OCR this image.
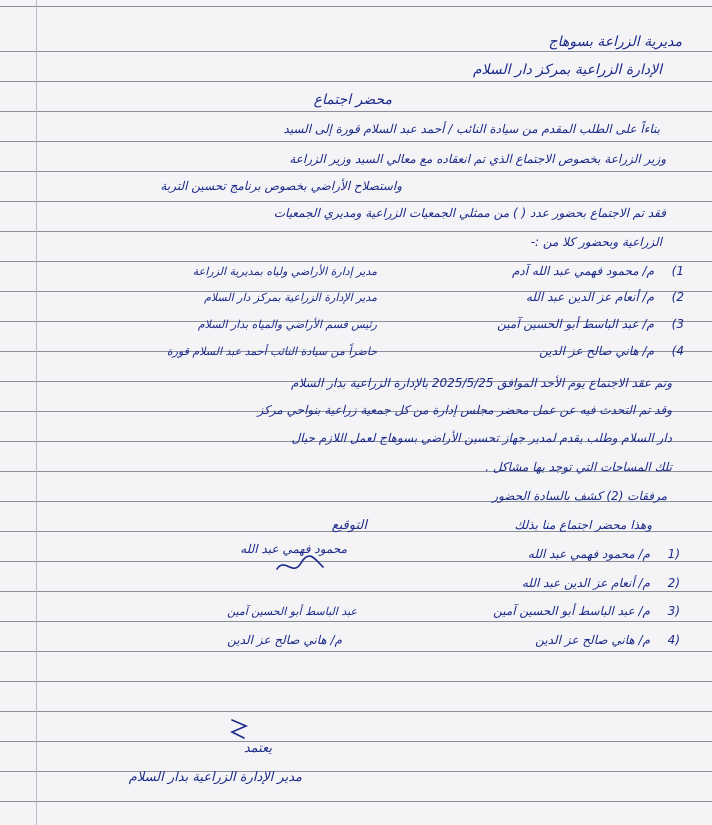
مديرية الزراعة بسوهاج
الإدارة الزراعية بمركز دار السلام
محضر اجتماع
بناءاً على الطلب المقدم من سيادة النائب / أحمد عبد السلام قورة إلى السيد
وزير الزراعة بخصوص الاجتماع الذي تم انعقاده مع معالي السيد وزير الزراعة
واستصلاح الأراضي بخصوص برنامج تحسين التربة
فقد تم الاجتماع بحضور عدد ( ) من ممثلي الجمعيات الزراعية ومديري الجمعيات
الزراعية وبحضور كلا من :-
1)
م/ محمود فهمي عبد الله آدم
مدير إدارة الأراضي ولياه بمديرية الزراعة
2)
م/ أنعام عز الدين عبد الله
مدير الإدارة الزراعية بمركز دار السلام
3)
م/ عبد الباسط أبو الحسين آمين
رئيس قسم الأراضي والمياه بدار السلام
4)
م/ هاني صالح عز الدين
حاضراً من سيادة النائب أحمد عبد السلام قورة
وتم عقد الاجتماع يوم الأحد الموافق 2025/5/25 بالإدارة الزراعية بدار السلام
وقد تم التحدث فيه عن عمل محضر مجلس إدارة من كل جمعية زراعية بنواحي مركز
دار السلام وطلب يقدم لمدير جهاز تحسين الأراضي بسوهاج لعمل اللازم حيال
تلك المساحات التي توجد بها مشاكل .
مرفقات (2) كشف بالسادة الحضور
وهذا محضر اجتماع منا بذلك
التوقيع
(1
م/ محمود فهمي عبد الله
محمود فهمي عبد الله
(2
م/ أنعام عز الدين عبد الله
(3
م/ عبد الباسط أبو الحسين آمين
عبد الباسط أبو الحسين آمين
(4
م/ هاني صالح عز الدين
م/ هاني صالح عز الدين
يعتمد
مدير الإدارة الزراعية بدار السلام
